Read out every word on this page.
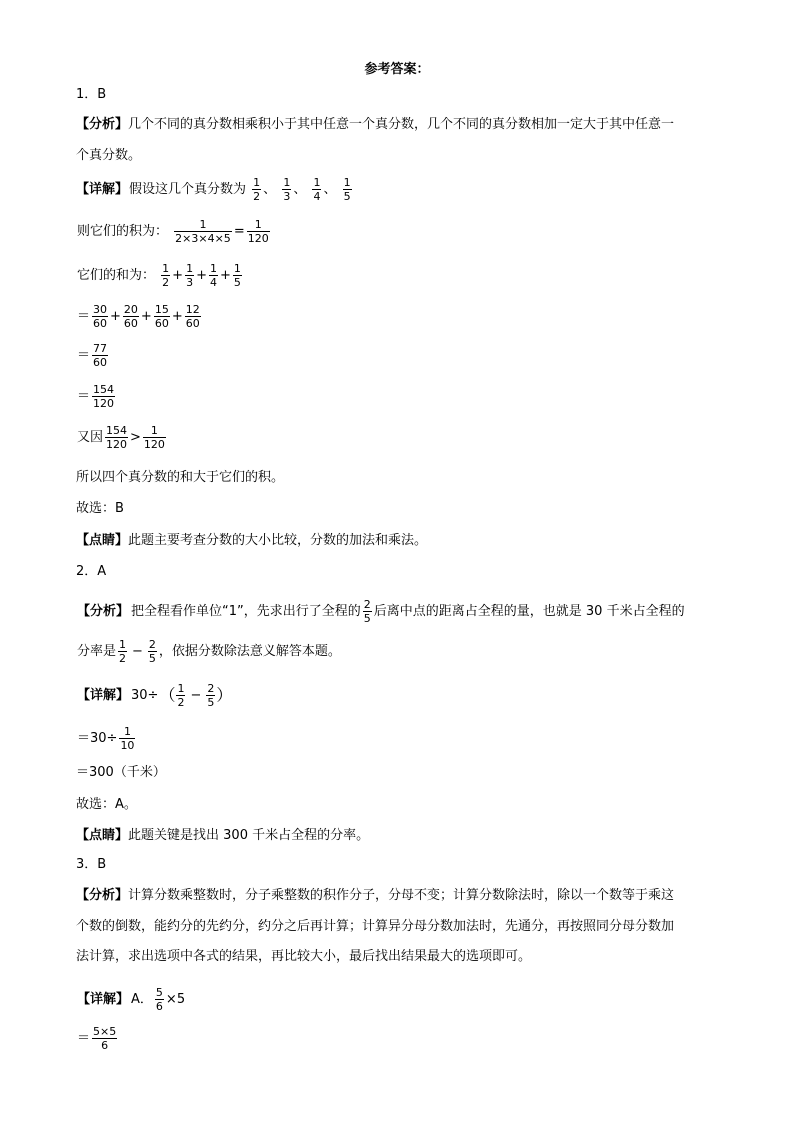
参考答案：
1．B
【分析】几个不同的真分数相乘积小于其中任意一个真分数，几个不同的真分数相加一定大于其中任意一
个真分数。
【详解】假设这几个真分数为 $\frac{1}{2}$ 、 $\frac{1}{3}$ 、 $\frac{1}{4}$ 、 $\frac{1}{5}$
则它们的积为： $\frac{1}{2\times 3\times 4\times 5} = \frac{1}{120}$
它们的和为： $\frac{1}{2} + \frac{1}{3} + \frac{1}{4} + \frac{1}{5}$
＝ $\frac{30}{60} + \frac{20}{60} + \frac{15}{60} + \frac{12}{60}$
＝ $\frac{77}{60}$
＝ $\frac{154}{120}$
又因 $\frac{154}{120} > \frac{1}{120}$
所以四个真分数的和大于它们的积。
故选：B
【点睛】此题主要考查分数的大小比较，分数的加法和乘法。
2．A
【分析】 把全程看作单位“1”，先求出行了全程的 $\frac{2}{5}$ 后离中点的距离占全程的量，也就是 30 千米占全程的
分率是 $\frac{1}{2} - \frac{2}{5}$ ，依据分数除法意义解答本题。
【详解】 $30\div( \frac{1}{2} - \frac{2}{5}$ ）
$=30\div \frac{1}{10}$
＝300（千米）
故选：A。
【点睛】此题关键是找出 300 千米占全程的分率。
3．B
【分析】计算分数乘整数时，分子乘整数的积作分子，分母不变；计算分数除法时，除以一个数等于乘这
个数的倒数，能约分的先约分，约分之后再计算；计算异分母分数加法时，先通分，再按照同分母分数加
法计算，求出选项中各式的结果，再比较大小，最后找出结果最大的选项即可。
【详解】 A． $\frac{5}{6} \times 5$
＝ $\frac{5\times 5}{6}$
